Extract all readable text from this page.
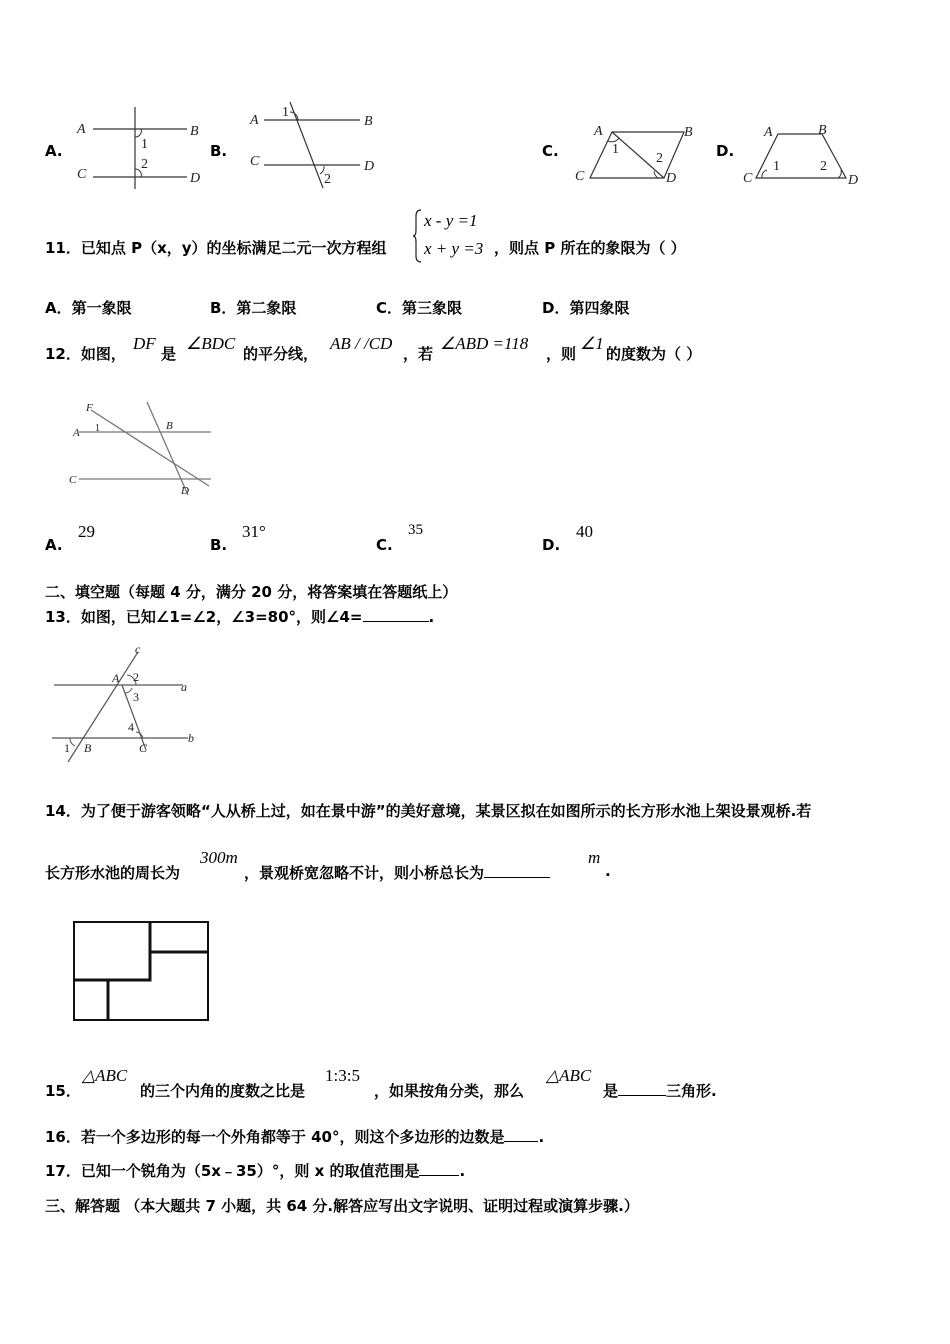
A.
A	B
C	D
1
2
B.
A	B
C	D
1
2
C.
A	B
C	D
1
2	D.
A	B
C	D
1	2
11．已知点 P（x，y）的坐标满足二元一次方程组
x - y =1
x + y =3 ，则点 P 所在的象限为（ ）
A．第一象限	B．第二象限	C．第三象限	D．第四象限
12．如图，
DF
是
∠BDC
的平分线，
AB / /CD
，若
∠ABD =118
，则
∠1
的度数为（ ）
F
A 1	B
C
D
A.
29
B.
31°
C.
35
D.
40
二、填空题（每题 4 分，满分 20 分，将答案填在答题纸上）
13．如图，已知∠1=∠2，∠3=80°，则∠4=	.
c
A 2
3
a
4
1 B	C
b
14．为了便于游客领略“人从桥上过，如在景中游”的美好意境，某景区拟在如图所示的长方形水池上架设景观桥.若
长方形水池的周长为
300m
，景观桥宽忽略不计，则小桥总长为
m
.
15．
△ABC
的三个内角的度数之比是
1:3:5
，如果按角分类，那么
△ABC
是	三角形.
16．若一个多边形的每一个外角都等于 40°，则这个多边形的边数是 .
17．已知一个锐角为（5x﹣35）°，则 x 的取值范围是	.
三、解答题 （本大题共 7 小题，共 64 分.解答应写出文字说明、证明过程或演算步骤.）
